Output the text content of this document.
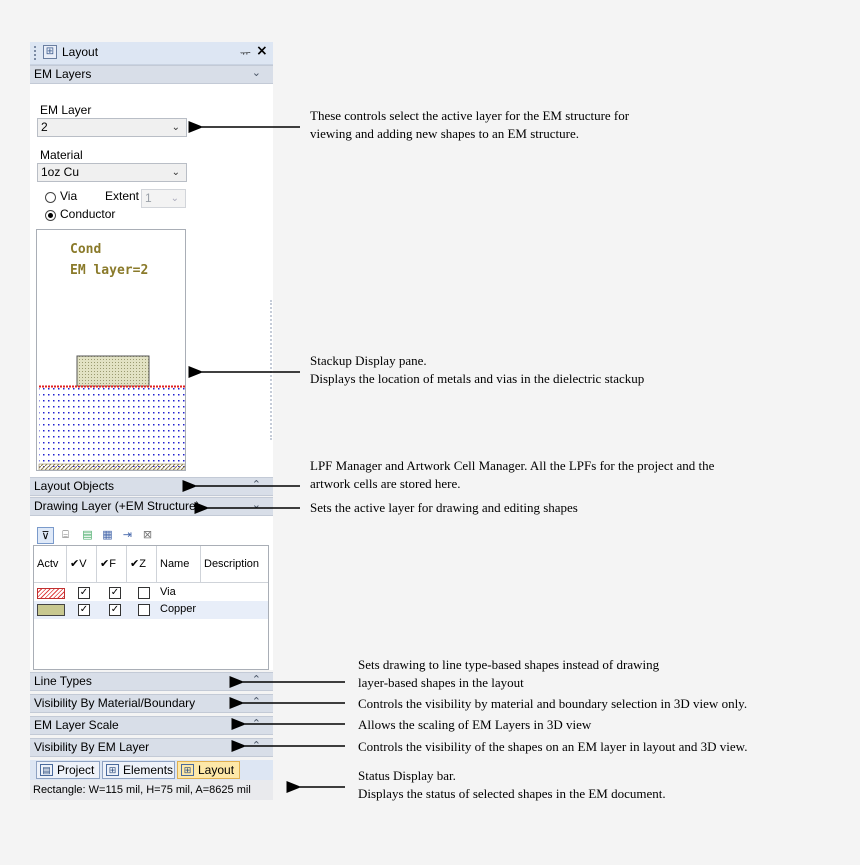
⊞ Layout	ᅲ ×
EM Layers	⌄

EM Layer
2	⌄
Material
1oz Cu	⌄
Via Extent 1 ⌄
Conductor
Cond
EM layer=2
Layout Objects	⌃
Drawing Layer (+EM Structure)	⌄
⊽	⌸	▤ ▦ ⇥ ⊠
Actv	✔V	✔F	✔Z	Name	Description
✓ ✓	Via
✓ ✓	Copper
Line Types	⌃
Visibility By Material/Boundary	⌃
EM Layer Scale	⌃
Visibility By EM Layer	⌃
▤ Project	⊞ Elements	⊞ Layout
Rectangle: W=115 mil, H=75 mil, A=8625 mil
These controls select the active layer for the EM structure for
viewing and adding new shapes to an EM structure.
Stackup Display pane.
Displays the location of metals and vias in the dielectric stackup
LPF Manager and Artwork Cell Manager. All the LPFs for the project and the
artwork cells are stored here.
Sets the active layer for drawing and editing shapes
Sets drawing to line type-based shapes instead of drawing
layer-based shapes in the layout
Controls the visibility by material and boundary selection in 3D view only.
Allows the scaling of EM Layers in 3D view
Controls the visibility of the shapes on an EM layer in layout and 3D view.
Status Display bar.
Displays the status of selected shapes in the EM document.
